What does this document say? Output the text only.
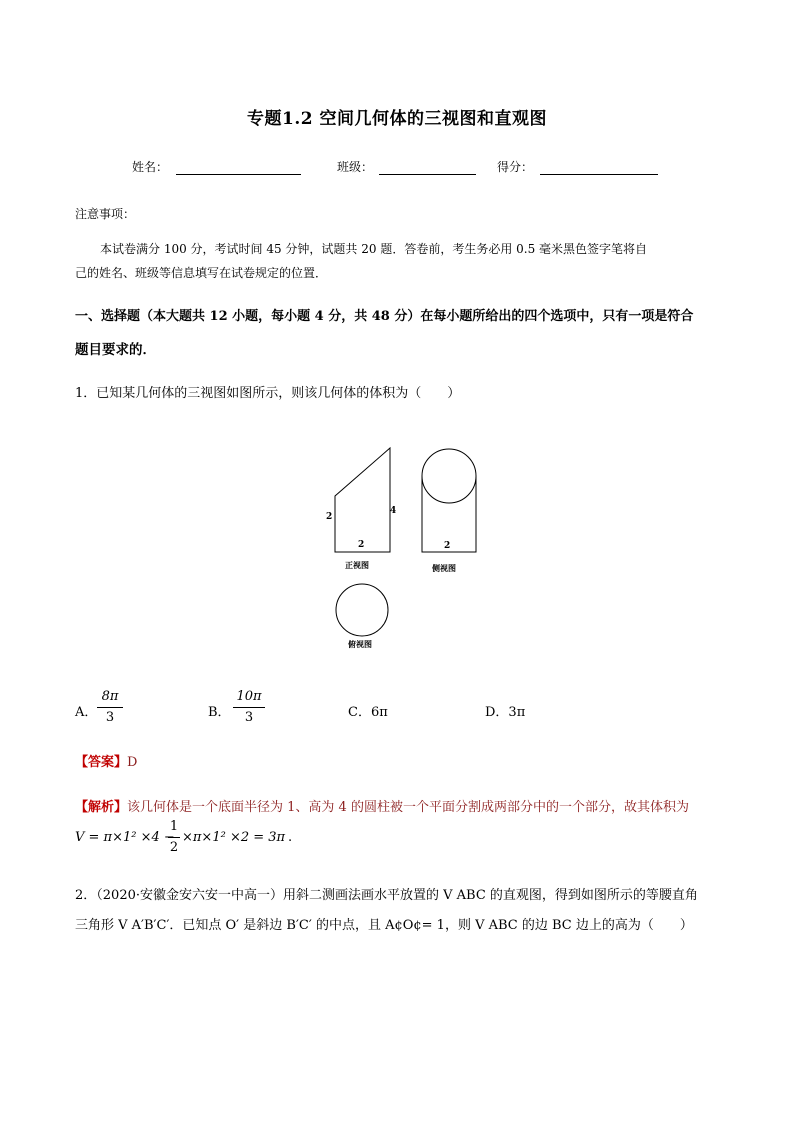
专题1.2 空间几何体的三视图和直观图
姓名：	班级：	得分：
注意事项：
本试卷满分 100 分，考试时间 45 分钟，试题共 20 题．答卷前，考生务必用 0.5 毫米黑色签字笔将自
己的姓名、班级等信息填写在试卷规定的位置．
一、选择题（本大题共 12 小题，每小题 4 分，共 48 分）在每小题所给出的四个选项中，只有一项是符合
题目要求的．
1．已知某几何体的三视图如图所示，则该几何体的体积为（　　）
2
4
2
正视图
2
侧视图
俯视图
A．
8π
3	B．
10π
3	C．6π	D．3π
【答案】D
【解析】该几何体是一个底面半径为 1、高为 4 的圆柱被一个平面分割成两部分中的一个部分，故其体积为
V = π×1² ×4 −
1
2
×π×1² ×2 = 3π .
2．（2020·安徽金安六安一中高一）用斜二测画法画水平放置的 V ABC 的直观图，得到如图所示的等腰直角
三角形 V A′B′C′．已知点 O′ 是斜边 B′C′ 的中点，且 A¢O¢= 1，则 V ABC 的边 BC 边上的高为（　　）
